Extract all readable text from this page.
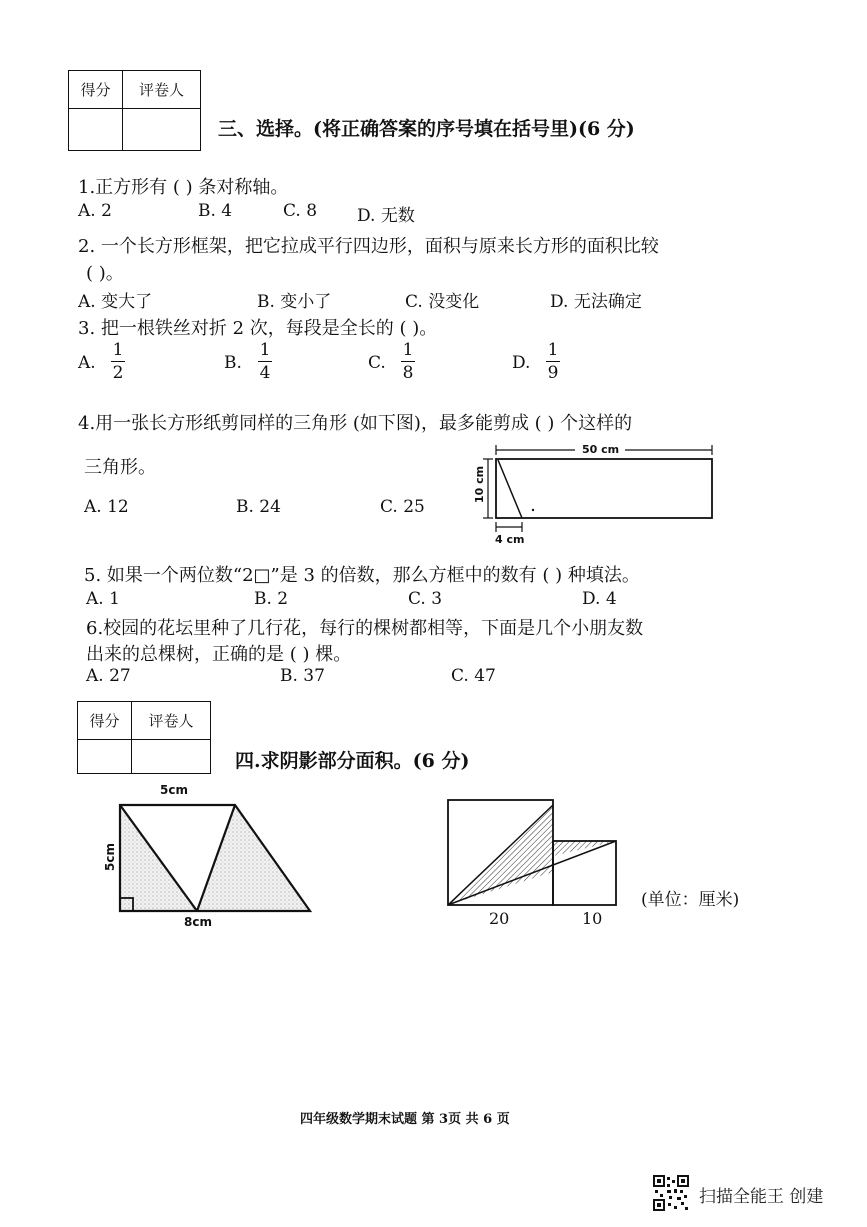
得分	评卷人

三、选择。(将正确答案的序号填在括号里)(6 分)
1.正方形有 ( ) 条对称轴。
A. 2	B. 4	C. 8 D. 无数
2. 一个长方形框架，把它拉成平行四边形，面积与原来长方形的面积比较
( )。
A. 变大了	B. 变小了	C. 没变化	D. 无法确定
3. 把一根铁丝对折 2 次，每段是全长的 ( )。
A.
1
2	B.
1
4	C.
1
8	D.
1
9
4.用一张长方形纸剪同样的三角形 (如下图)，最多能剪成 ( ) 个这样的
三角形。
A. 12	B. 24	C. 25
50 cm
10 cm
4 cm
5. 如果一个两位数“2□”是 3 的倍数，那么方框中的数有 ( ) 种填法。
A. 1	B. 2	C. 3	D. 4
6.校园的花坛里种了几行花，每行的棵树都相等，下面是几个小朋友数
出来的总棵树，正确的是 ( ) 棵。
A. 27	B. 37	C. 47
得分	评卷人

四.求阴影部分面积。(6 分)
5cm
5cm
8cm	20	10
(单位：厘米)
四年级数学期末试题 第 3页 共 6 页
扫描全能王 创建
